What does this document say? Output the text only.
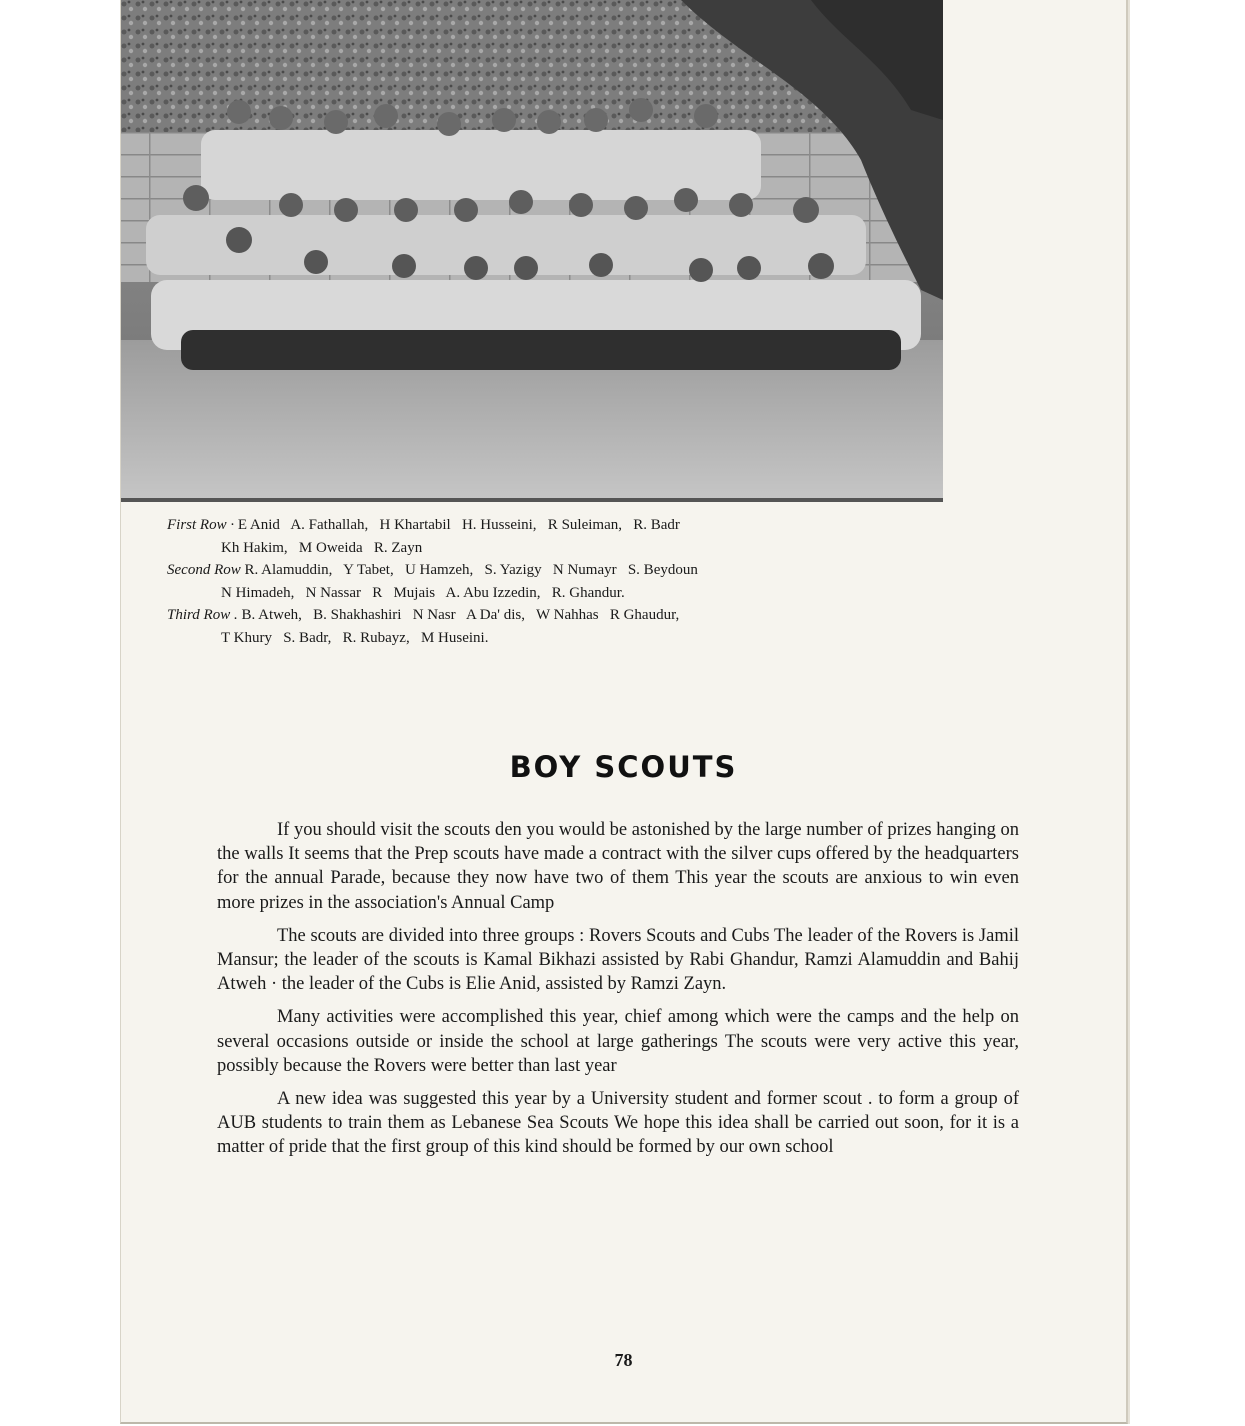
First Row · E Anid   A. Fathallah,   H Khartabil   H. Husseini,   R Suleiman,   R. Badr

Kh Hakim,   M Oweida   R. Zayn

Second Row R. Alamuddin,   Y Tabet,   U Hamzeh,   S. Yazigy   N Numayr   S. Beydoun

N Himadeh,   N Nassar   R   Mujais   A. Abu Izzedin,   R. Ghandur.

Third Row . B. Atweh,   B. Shakhashiri   N Nasr   A Da' dis,   W Nahhas   R Ghaudur,

T Khury   S. Badr,   R. Rubayz,   M Huseini.

BOY SCOUTS

If you should visit the scouts den you would be astonished by the large number of prizes hanging on the walls It seems that the Prep scouts have made a contract with the silver cups offered by the headquarters for the annual Parade, because they now have two of them This year the scouts are anxious to win even more prizes in the association's Annual Camp

The scouts are divided into three groups : Rovers Scouts and Cubs The leader of the Rovers is Jamil Mansur; the leader of the scouts is Kamal Bikhazi assisted by Rabi Ghandur, Ramzi Alamuddin and Bahij Atweh · the leader of the Cubs is Elie Anid, assisted by Ramzi Zayn.

Many activities were accomplished this year, chief among which were the camps and the help on several occasions outside or inside the school at large gatherings The scouts were very active this year, possibly because the Rovers were better than last year

A new idea was suggested this year by a University student and former scout . to form a group of AUB students to train them as Lebanese Sea Scouts We hope this idea shall be carried out soon, for it is a matter of pride that the first group of this kind should be formed by our own school

78
